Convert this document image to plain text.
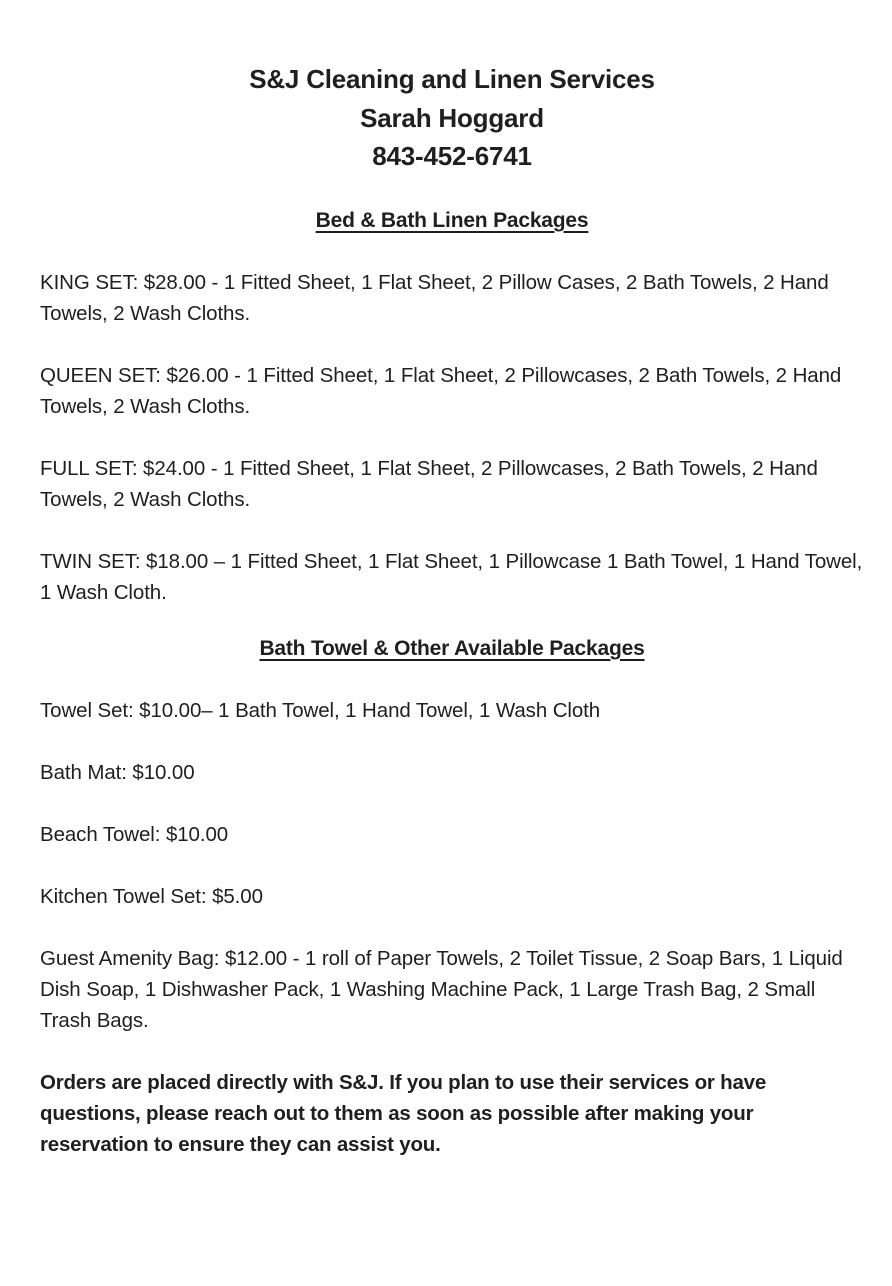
S&J Cleaning and Linen Services
Sarah Hoggard
843-452-6741
Bed & Bath Linen Packages

KING SET: $28.00 - 1 Fitted Sheet, 1 Flat Sheet, 2 Pillow Cases, 2 Bath Towels, 2 Hand Towels, 2 Wash Cloths.

QUEEN SET: $26.00 - 1 Fitted Sheet, 1 Flat Sheet, 2 Pillowcases, 2 Bath Towels, 2 Hand Towels, 2 Wash Cloths.

FULL SET: $24.00 - 1 Fitted Sheet, 1 Flat Sheet, 2 Pillowcases, 2 Bath Towels, 2 Hand Towels, 2 Wash Cloths.

TWIN SET: $18.00 – 1 Fitted Sheet, 1 Flat Sheet, 1 Pillowcase 1 Bath Towel, 1 Hand Towel, 1 Wash Cloth.

Bath Towel & Other Available Packages

Towel Set: $10.00– 1 Bath Towel, 1 Hand Towel, 1 Wash Cloth

Bath Mat: $10.00

Beach Towel: $10.00

Kitchen Towel Set: $5.00

Guest Amenity Bag: $12.00 - 1 roll of Paper Towels, 2 Toilet Tissue, 2 Soap Bars, 1 Liquid Dish Soap, 1 Dishwasher Pack, 1 Washing Machine Pack, 1 Large Trash Bag, 2 Small Trash Bags.

Orders are placed directly with S&J. If you plan to use their services or have questions, please reach out to them as soon as possible after making your reservation to ensure they can assist you.
